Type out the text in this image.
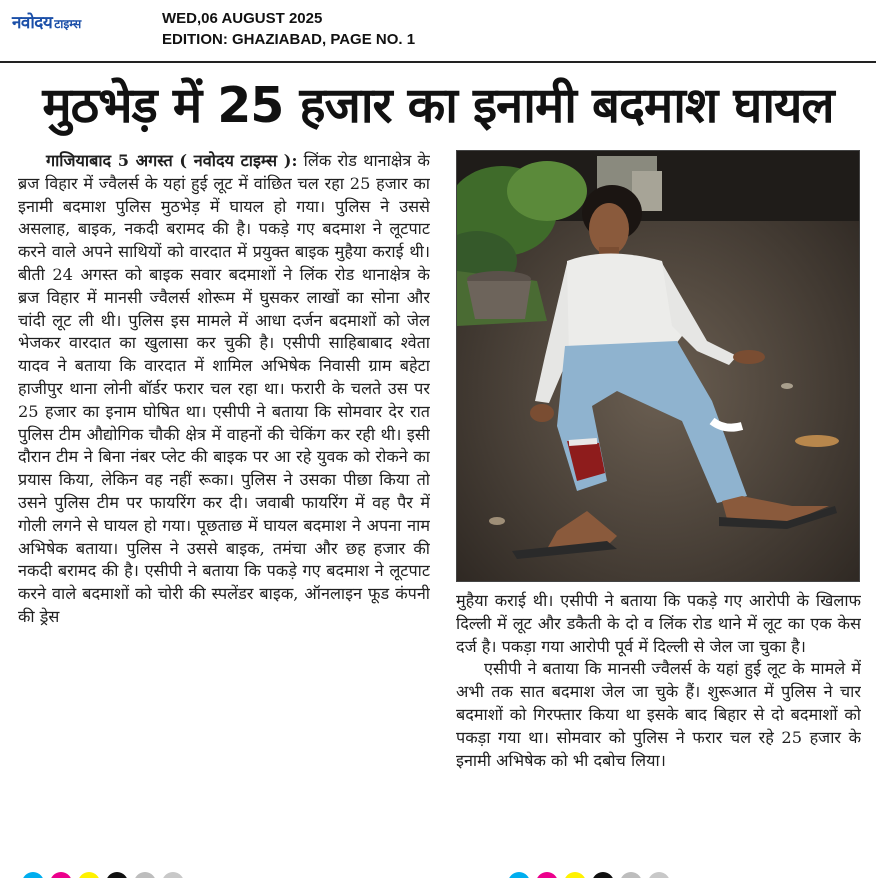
नवोदय टाइम्स	WED,06 AUGUST 2025
EDITION: GHAZIABAD, PAGE NO. 1
मुठभेड़ में 25 हजार का इनामी बदमाश घायल

गाजियाबाद 5 अगस्त ( नवोदय टाइम्स ): लिंक रोड थानाक्षेत्र के ब्रज विहार में ज्वैलर्स के यहां हुई लूट में वांछित चल रहा 25 हजार का इनामी बदमाश पुलिस मुठभेड़ में घायल हो गया। पुलिस ने उससे असलाह, बाइक, नकदी बरामद की है। पकड़े गए बदमाश ने लूटपाट करने वाले अपने साथियों को वारदात में प्रयुक्त बाइक मुहैया कराई थी। बीती 24 अगस्त को बाइक सवार बदमाशों ने लिंक रोड थानाक्षेत्र के ब्रज विहार में मानसी ज्वैलर्स शोरूम में घुसकर लाखों का सोना और चांदी लूट ली थी। पुलिस इस मामले में आधा दर्जन बदमाशों को जेल भेजकर वारदात का खुलासा कर चुकी है। एसीपी साहिबाबाद श्वेता यादव ने बताया कि वारदात में शामिल अभिषेक निवासी ग्राम बहेटा हाजीपुर थाना लोनी बॉर्डर फरार चल रहा था। फरारी के चलते उस पर 25 हजार का इनाम घोषित था। एसीपी ने बताया कि सोमवार देर रात पुलिस टीम औद्योगिक चौकी क्षेत्र में वाहनों की चेकिंग कर रही थी। इसी दौरान टीम ने बिना नंबर प्लेट की बाइक पर आ रहे युवक को रोकने का प्रयास किया, लेकिन वह नहीं रूका। पुलिस ने उसका पीछा किया तो उसने पुलिस टीम पर फायरिंग कर दी। जवाबी फायरिंग में वह पैर में गोली लगने से घायल हो गया। पूछताछ में घायल बदमाश ने अपना नाम अभिषेक बताया। पुलिस ने उससे बाइक, तमंचा और छह हजार की नकदी बरामद की है। एसीपी ने बताया कि पकड़े गए बदमाश ने लूटपाट करने वाले बदमाशों को चोरी की स्पलेंडर बाइक, ऑनलाइन फूड कंपनी की ड्रेस

मुहैया कराई थी। एसीपी ने बताया कि पकड़े गए आरोपी के खिलाफ दिल्ली में लूट और डकैती के दो व लिंक रोड थाने में लूट का एक केस दर्ज है। पकड़ा गया आरोपी पूर्व में दिल्ली से जेल जा चुका है।

एसीपी ने बताया कि मानसी ज्वैलर्स के यहां हुई लूट के मामले में अभी तक सात बदमाश जेल जा चुके हैं। शुरूआत में पुलिस ने चार बदमाशों को गिरफ्तार किया था इसके बाद बिहार से दो बदमाशों को पकड़ा गया था। सोमवार को पुलिस ने फरार चल रहे 25 हजार के इनामी अभिषेक को भी दबोच लिया।
